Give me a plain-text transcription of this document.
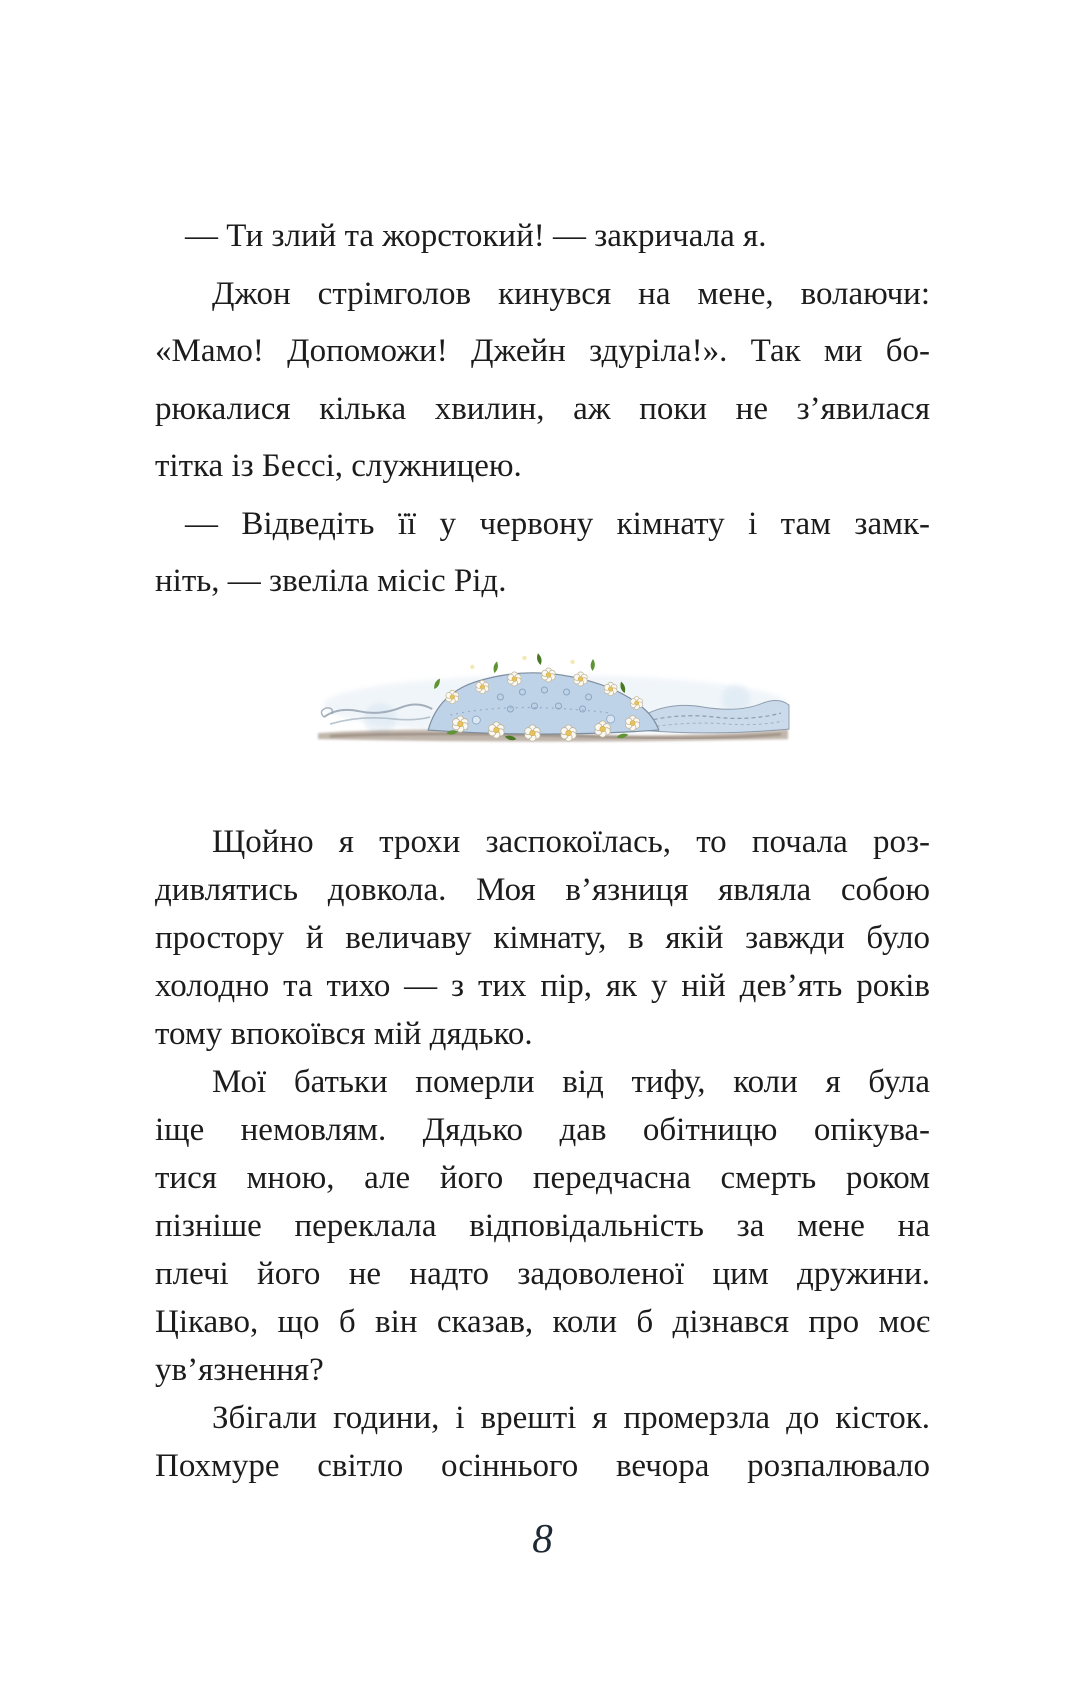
— Ти злий та жорстокий! — закричала я.
Джон стрімголов кинувся на мене, волаючи:
«Мамо! Допоможи! Джейн здуріла!». Так ми бо-
рюкалися кілька хвилин, аж поки не з’явилася
тітка із Бессі, служницею.
— Відведіть її у червону кімнату і там замк-
ніть, — звеліла місіс Рід.
Щойно я трохи заспокоїлась, то почала роз-
дивлятись довкола. Моя в’язниця являла собою
простору й величаву кімнату, в якій завжди було
холодно та тихо — з тих пір, як у ній дев’ять років
тому впокоївся мій дядько.
Мої батьки померли від тифу, коли я була
іще немовлям. Дядько дав обітницю опікува-
тися мною, але його передчасна смерть роком
пізніше переклала відповідальність за мене на
плечі його не надто задоволеної цим дружини.
Цікаво, що б він сказав, коли б дізнався про моє
ув’язнення?
Збігали години, і врешті я промерзла до кісток.
Похмуре світло осіннього вечора розпалювало
8
